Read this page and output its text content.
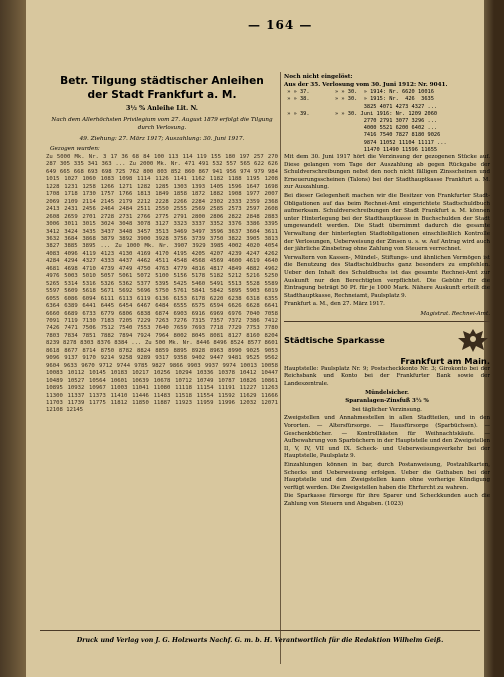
— 164 —
Betr. Tilgung städtischer Anleihen
der Stadt Frankfurt a. M.

3½ % Anleihe Lit. N.

Nach dem Allerhöchsten Privilegium vom 27. August 1879 erfolgt die Tilgung durch Verlosung.

49. Ziehung: 27. März 1917; Auszahlung: 30. Juni 1917.

Gezogen wurden:

Zu 5000 Mk. Nr. 3 17 36 68 84 100 113 114 119 155 180 197 257 270 287 305 335 341 363 ... Zu 2000 Mk. Nr. 471 491 532 557 565 622 626 649 665 668 693 698 725 762 800 803 852 860 867 941 956 974 979 984 1015 1027 1060 1083 1098 1114 1126 1141 1162 1182 1188 1195 1208 1228 1231 1258 1266 1271 1282 1285 1303 1393 1405 1596 1647 1698 1708 1718 1730 1757 1766 1813 1849 1858 1872 1882 1908 1977 2007 2069 2109 2114 2145 2179 2212 2228 2266 2284 2302 2333 2359 2368 2413 2431 2456 2464 2484 2511 2550 2555 2569 2585 2573 2597 2608 2608 2659 2701 2728 2731 2766 2775 2791 2800 2806 2822 2848 2883 3006 3011 3015 3024 3048 3078 3127 3323 3337 3352 3376 3386 3395 3412 3424 3435 3437 3448 3457 3513 3469 3497 3596 3637 3604 3611 3632 3684 3868 3879 3892 3900 3928 3756 3739 3750 3822 3905 3813 3827 3885 3895 ... Zu 1000 Mk. Nr. 3907 3929 3985 4002 4020 4054 4083 4096 4119 4123 4130 4169 4170 4195 4205 4207 4239 4247 4262 4284 4294 4327 4333 4437 4462 4511 4548 4568 4569 4600 4619 4640 4681 4698 4710 4739 4749 4750 4763 4779 4816 4817 4849 4882 4962 4976 5003 5010 5057 5061 5072 5100 5156 5178 5182 5212 5216 5250 5265 5314 5316 5326 5362 5377 5395 5425 5460 5491 5513 5528 5589 5597 5609 5618 5671 5692 5696 5750 5761 5841 5842 5895 5903 6019 6055 6086 6094 6111 6113 6119 6136 6153 6178 6220 6238 6318 6355 6364 6389 6441 6445 6454 6467 6484 6555 6575 6594 6626 6628 6641 6660 6689 6733 6779 6806 6838 6874 6903 6916 6969 6976 7040 7058 7091 7119 7130 7183 7205 7229 7263 7276 7315 7357 7372 7386 7412 7426 7471 7506 7512 7540 7553 7640 7659 7693 7718 7729 7753 7780 7803 7834 7851 7882 7894 7924 7964 8002 8045 8081 8127 8160 8204 8239 8278 8303 8376 8384 ... Zu 500 Mk. Nr. 8446 8496 8524 8577 8601 8618 8677 8714 8750 8782 8824 8859 8895 8928 8963 8990 9025 9053 9096 9137 9170 9214 9258 9289 9317 9358 9402 9447 9481 9525 9562 9604 9633 9670 9712 9744 9785 9827 9866 9903 9937 9974 10013 10058 10083 10112 10145 10183 10217 10256 10294 10336 10378 10412 10447 10489 10527 10564 10601 10639 10678 10712 10749 10787 10826 10861 10895 10932 10967 11003 11041 11080 11118 11154 11191 11227 11263 11300 11337 11373 11410 11446 11483 11518 11554 11592 11629 11666 11703 11739 11775 11812 11850 11887 11923 11959 11996 12032 12071 12108 12145

Noch nicht eingelöst:

Aus der 35. Verlosung vom 30. Juni 1912: Nr. 9041.

» » 37.        » » 30.  » 1914: Nr. 6620 10016
» » 38.        » » 30.  » 1915: Nr.  426  3635
3825 4071 4273 4327 ...
» » 39.        » » 30. Juni 1916: Nr. 1209 2060
2770 2791 3077 3296 ...
4000 5521 6200 6402 ...
7416 7540 7827 8180 9026
9874 11052 11104 11117 ...
11470 11490 11596 11655

Mit dem 30. Juni 1917 hört die Verzinsung der gezogenen Stücke auf. Diese gelangen vom Tage der Auszahlung ab gegen Rückgabe der Schuldverschreibungen nebst den noch nicht fälligen Zinsscheinen und Erneuerungsscheinen (Talons) bei der Stadthauptkasse Frankfurt a. M. zur Auszahlung.

Bei dieser Gelegenheit machen wir die Besitzer von Frankfurter Stadt-Obligationen auf das beim Rechnei-Amt eingerichtete Stadtschuldbuch aufmerksam. Schuldverschreibungen der Stadt Frankfurt a. M. können unter Hinterlegung bei der Stadthauptkasse in Buchschulden der Stadt umgewandelt werden. Die Stadt übernimmt dadurch die gesamte Verwaltung der hinterlegten Stadtobligationen einschließlich Kontrolle der Verlosungen, Ueberweisung der Zinsen u. s. w. Auf Antrag wird auch der jährliche Zinsbetrag ohne Zahlung von Steuern verrechnet.

Verwaltern von Kassen-, Mündel-, Stiftungs- und ähnlichen Vermögen ist die Benutzung des Stadtschuldbuchs ganz besonders zu empfehlen. Ueber den Inhalt des Schuldbuchs ist das gesamte Rechnei-Amt zur Auskunft nur den Berechtigten verpflichtet. Die Gebühr für die Eintragung beträgt 50 Pf. für je 1000 Mark. Nähere Auskunft erteilt die Stadthauptkasse, Rechneiamt, Paulsplatz 9.

Frankfurt a. M., den 27. März 1917.

Magistrat. Rechnei-Amt.

Städtische Sparkasse
Frankfurt am Main.

Hauptstelle: Paulsplatz Nr. 9; Postscheckkonto Nr. 3; Girokonto bei der Reichsbank und Konto bei der Frankfurter Bank sowie der Landeszentrale.

Mündelsicher.

Sparanlagen-Zinsfuß 3½ %

bei täglicher Verzinsung.

Zweigstellen und Annahmestellen in allen Stadtteilen, und in den Vororten. — Altersfürsorge. — Hausfürsorge (Sparbüchsen). — Geschenkbücher. — Kontrollkästen für Weihnachtskäufe. — Aufbewahrung von Sparbüchern in der Hauptstelle und den Zweigstellen II, V, IV, VII und IX. Scheck- und Ueberweisungsverkehr bei der Hauptstelle, Paulsplatz 9.

Einzahlungen können in bar, durch Postanweisung, Postzahlkarten, Schecks und Ueberweisung erfolgen. Ueber die Guthaben bei der Hauptstelle und den Zweigstellen kann ohne vorherige Kündigung verfügt werden. Die Zweigstellen haben die Ehrfurcht zu wahren.

Die Sparkasse fürsorge für ihre Sparer und Scheckkunden auch die Zahlung von Steuern und Abgaben. (1023)

Druck und Verlag von J. G. Holzwarts Nachf. G. m. b. H. Verantwortlich für die Redaktion Wilhelm Geiß.
